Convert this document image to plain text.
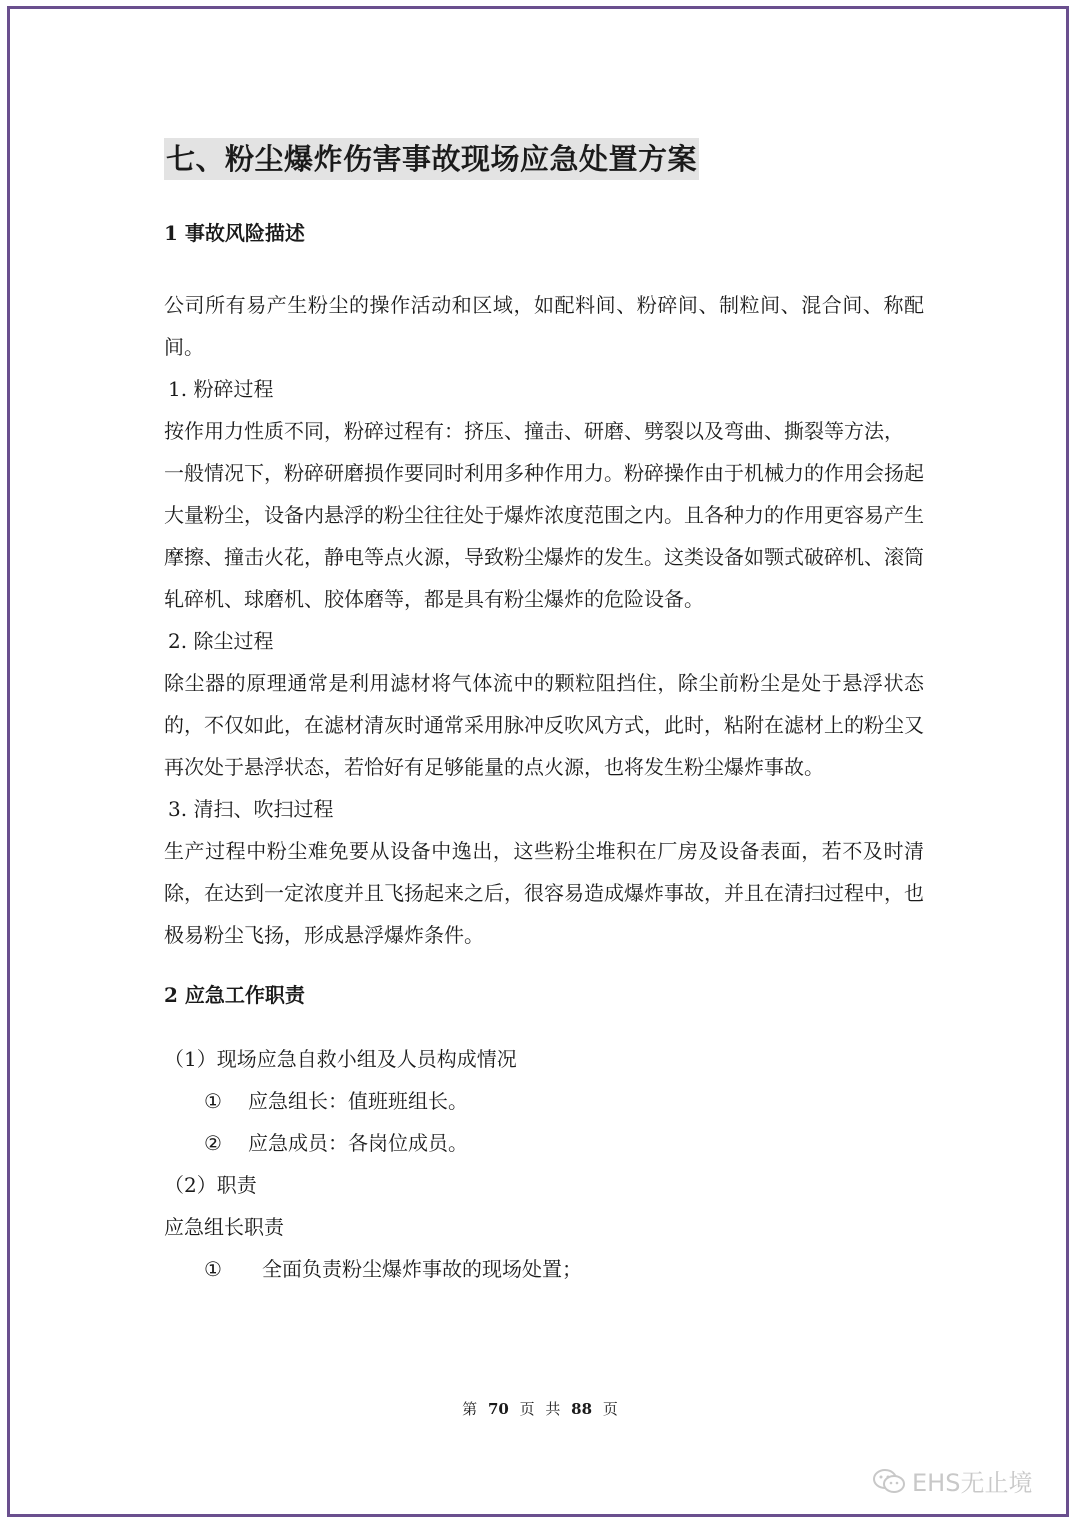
七、粉尘爆炸伤害事故现场应急处置方案
1 事故风险描述

公司所有易产生粉尘的操作活动和区域，如配料间、粉碎间、制粒间、混合间、称配间。

1. 粉碎过程

按作用力性质不同，粉碎过程有：挤压、撞击、研磨、劈裂以及弯曲、撕裂等方法，

一般情况下，粉碎研磨损作要同时利用多种作用力。粉碎操作由于机械力的作用会扬起大量粉尘，设备内悬浮的粉尘往往处于爆炸浓度范围之内。且各种力的作用更容易产生摩擦、撞击火花，静电等点火源，导致粉尘爆炸的发生。这类设备如颚式破碎机、滚筒轧碎机、球磨机、胶体磨等，都是具有粉尘爆炸的危险设备。

2. 除尘过程

除尘器的原理通常是利用滤材将气体流中的颗粒阻挡住，除尘前粉尘是处于悬浮状态的，不仅如此，在滤材清灰时通常采用脉冲反吹风方式，此时，粘附在滤材上的粉尘又再次处于悬浮状态，若恰好有足够能量的点火源，也将发生粉尘爆炸事故。

3. 清扫、吹扫过程

生产过程中粉尘难免要从设备中逸出，这些粉尘堆积在厂房及设备表面，若不及时清除，在达到一定浓度并且飞扬起来之后，很容易造成爆炸事故，并且在清扫过程中，也极易粉尘飞扬，形成悬浮爆炸条件。

2 应急工作职责

（1）现场应急自救小组及人员构成情况

① 应急组长：值班班组长。

② 应急成员：各岗位成员。

（2）职责

应急组长职责

① 全面负责粉尘爆炸事故的现场处置；

第 70 页 共 88 页
EHS无止境
